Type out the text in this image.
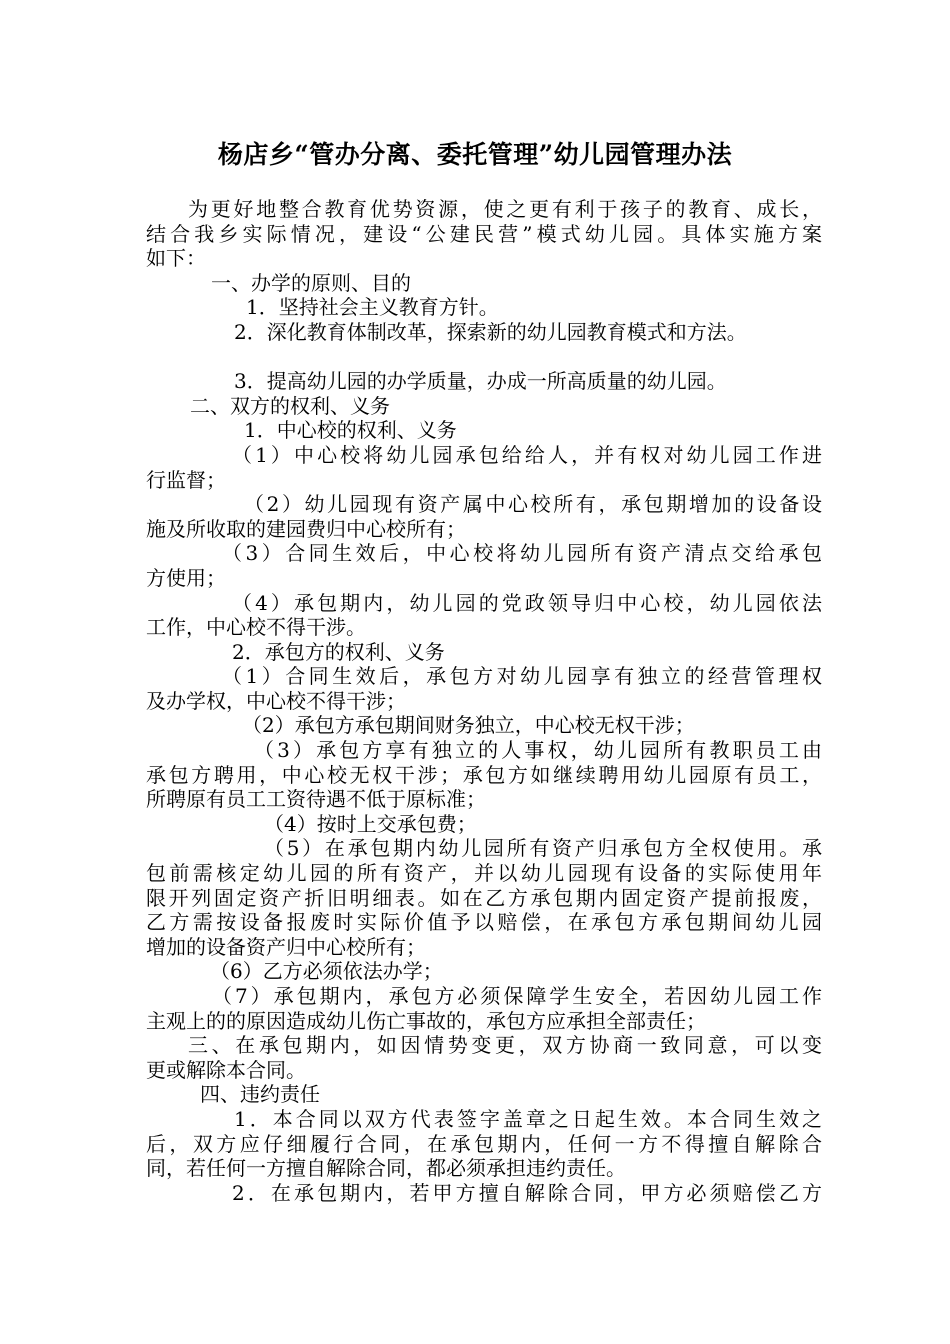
杨店乡“管办分离、委托管理”幼儿园管理办法
为更好地整合教育优势资源，使之更有利于孩子的教育、成长，
结合我乡实际情况，建设“公建民营”模式幼儿园。具体实施方案
如下：
一、办学的原则、目的
1．坚持社会主义教育方针。
2．深化教育体制改革，探索新的幼儿园教育模式和方法。
3．提高幼儿园的办学质量，办成一所高质量的幼儿园。
二、双方的权利、义务
1．中心校的权利、义务
（1）中心校将幼儿园承包给给人，并有权对幼儿园工作进
行监督；
（2）幼儿园现有资产属中心校所有，承包期增加的设备设
施及所收取的建园费归中心校所有；
（3）合同生效后，中心校将幼儿园所有资产清点交给承包
方使用；
（4）承包期内，幼儿园的党政领导归中心校，幼儿园依法
工作，中心校不得干涉。
2．承包方的权利、义务
（1）合同生效后，承包方对幼儿园享有独立的经营管理权
及办学权，中心校不得干涉；
（2）承包方承包期间财务独立，中心校无权干涉；
（3）承包方享有独立的人事权，幼儿园所有教职员工由
承包方聘用，中心校无权干涉；承包方如继续聘用幼儿园原有员工，
所聘原有员工工资待遇不低于原标准；
（4）按时上交承包费；
（5）在承包期内幼儿园所有资产归承包方全权使用。承
包前需核定幼儿园的所有资产，并以幼儿园现有设备的实际使用年
限开列固定资产折旧明细表。如在乙方承包期内固定资产提前报废，
乙方需按设备报废时实际价值予以赔偿，在承包方承包期间幼儿园
增加的设备资产归中心校所有；
（6）乙方必须依法办学；
（7）承包期内，承包方必须保障学生安全，若因幼儿园工作
主观上的的原因造成幼儿伤亡事故的，承包方应承担全部责任；
三、在承包期内，如因情势变更，双方协商一致同意，可以变
更或解除本合同。
四、违约责任
1．本合同以双方代表签字盖章之日起生效。本合同生效之
后，双方应仔细履行合同，在承包期内，任何一方不得擅自解除合
同，若任何一方擅自解除合同，都必须承担违约责任。
2．在承包期内，若甲方擅自解除合同，甲方必须赔偿乙方
